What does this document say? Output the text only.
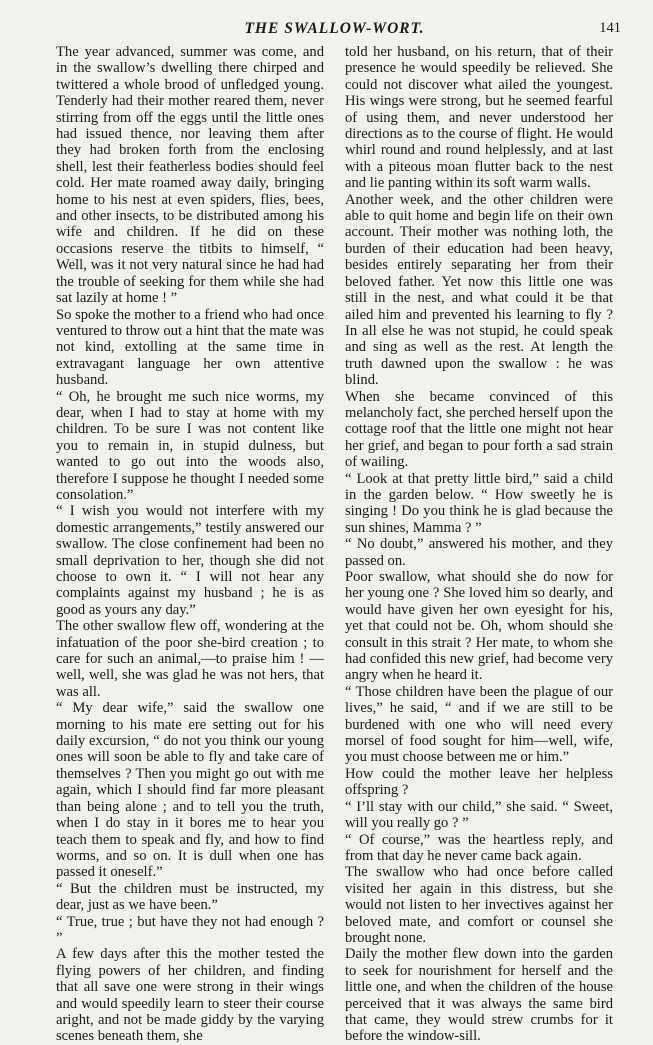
THE SWALLOW-WORT.	141

The year advanced, summer was come, and in the swallow’s dwelling there chirped and twittered a whole brood of unfledged young. Tenderly had their mother reared them, never stirring from off the eggs until the little ones had issued thence, nor leaving them after they had broken forth from the enclosing shell, lest their featherless bodies should feel cold. Her mate roamed away daily, bringing home to his nest at even spiders, flies, bees, and other insects, to be distributed among his wife and children. If he did on these occasions reserve the titbits to himself, “ Well, was it not very natural since he had had the trouble of seeking for them while she had sat lazily at home ! ”

So spoke the mother to a friend who had once ventured to throw out a hint that the mate was not kind, extolling at the same time in extravagant language her own attentive husband.

“ Oh, he brought me such nice worms, my dear, when I had to stay at home with my children. To be sure I was not content like you to remain in, in stupid dulness, but wanted to go out into the woods also, therefore I suppose he thought I needed some consolation.”

“ I wish you would not interfere with my domestic arrangements,” testily answered our swallow. The close confinement had been no small deprivation to her, though she did not choose to own it. “ I will not hear any complaints against my husband ; he is as good as yours any day.”

The other swallow flew off, wondering at the infatuation of the poor she-bird creation ; to care for such an animal,—to praise him ! —well, well, she was glad he was not hers, that was all.

“ My dear wife,” said the swallow one morning to his mate ere setting out for his daily excursion, “ do not you think our young ones will soon be able to fly and take care of themselves ? Then you might go out with me again, which I should find far more pleasant than being alone ; and to tell you the truth, when I do stay in it bores me to hear you teach them to speak and fly, and how to find worms, and so on. It is dull when one has passed it oneself.”

“ But the children must be instructed, my dear, just as we have been.”

“ True, true ; but have they not had enough ? ”

A few days after this the mother tested the flying powers of her children, and finding that all save one were strong in their wings and would speedily learn to steer their course aright, and not be made giddy by the varying scenes beneath them, she

told her husband, on his return, that of their presence he would speedily be relieved. She could not discover what ailed the youngest. His wings were strong, but he seemed fearful of using them, and never understood her directions as to the course of flight. He would whirl round and round helplessly, and at last with a piteous moan flutter back to the nest and lie panting within its soft warm walls.

Another week, and the other children were able to quit home and begin life on their own account. Their mother was nothing loth, the burden of their education had been heavy, besides entirely separating her from their beloved father. Yet now this little one was still in the nest, and what could it be that ailed him and prevented his learning to fly ? In all else he was not stupid, he could speak and sing as well as the rest. At length the truth dawned upon the swallow : he was blind.

When she became convinced of this melancholy fact, she perched herself upon the cottage roof that the little one might not hear her grief, and began to pour forth a sad strain of wailing.

“ Look at that pretty little bird,” said a child in the garden below. “ How sweetly he is singing ! Do you think he is glad because the sun shines, Mamma ? ”

“ No doubt,” answered his mother, and they passed on.

Poor swallow, what should she do now for her young one ? She loved him so dearly, and would have given her own eyesight for his, yet that could not be. Oh, whom should she consult in this strait ? Her mate, to whom she had confided this new grief, had become very angry when he heard it.

“ Those children have been the plague of our lives,” he said, “ and if we are still to be burdened with one who will need every morsel of food sought for him—well, wife, you must choose between me or him.”

How could the mother leave her helpless offspring ?

“ I’ll stay with our child,” she said. “ Sweet, will you really go ? ”

“ Of course,” was the heartless reply, and from that day he never came back again.

The swallow who had once before called visited her again in this distress, but she would not listen to her invectives against her beloved mate, and comfort or counsel she brought none.

Daily the mother flew down into the garden to seek for nourishment for herself and the little one, and when the children of the house perceived that it was always the same bird that came, they would strew crumbs for it before the window-sill.
